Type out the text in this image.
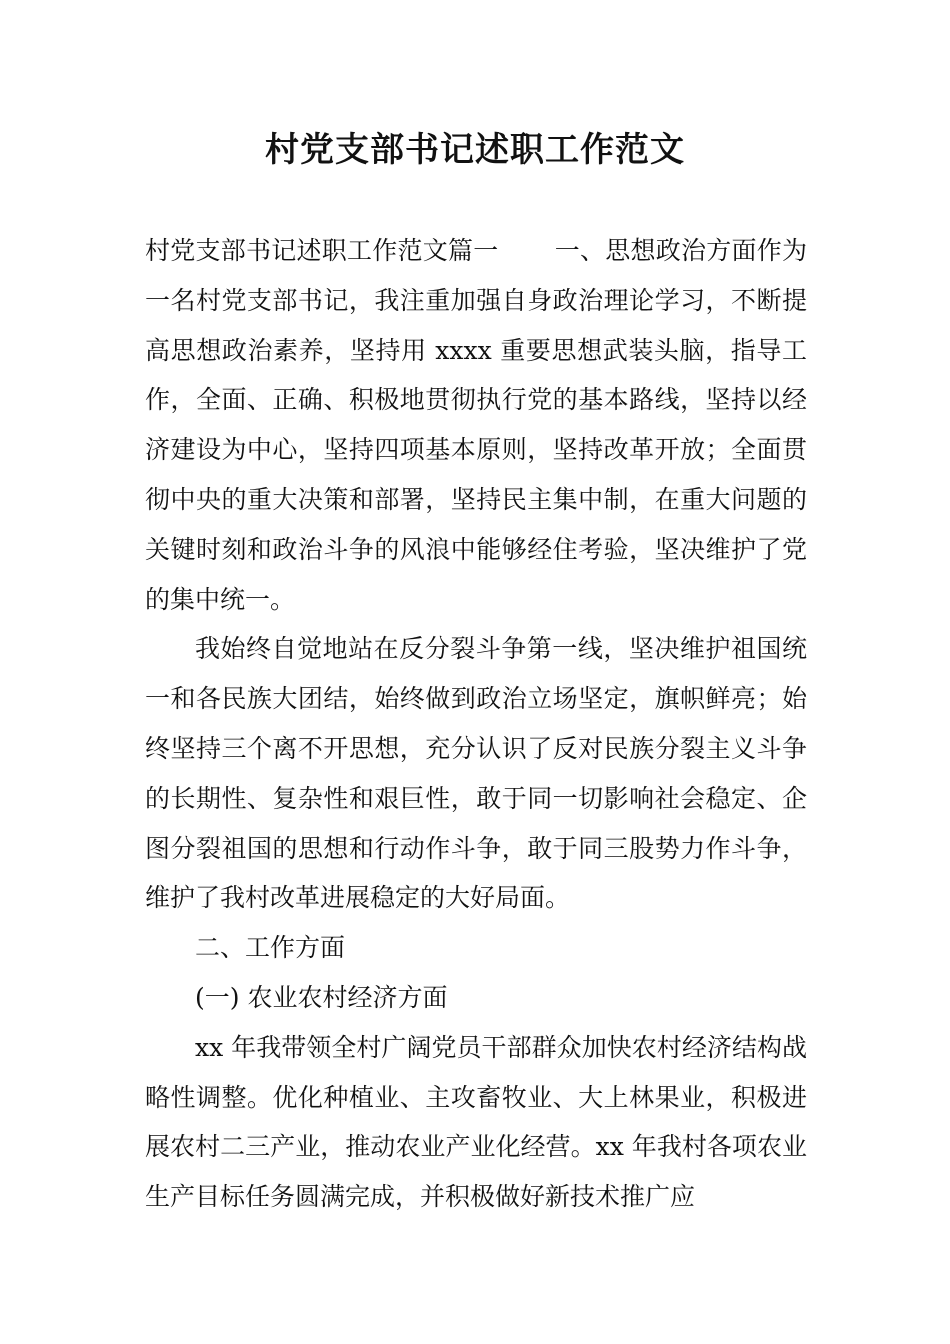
村党支部书记述职工作范文

村党支部书记述职工作范文篇一 一、思想政治方面作为一名村党支部书记，我注重加强自身政治理论学习，不断提高思想政治素养，坚持用 xxxx 重要思想武装头脑，指导工作，全面、正确、积极地贯彻执行党的基本路线，坚持以经济建设为中心，坚持四项基本原则，坚持改革开放；全面贯彻中央的重大决策和部署，坚持民主集中制，在重大问题的关键时刻和政治斗争的风浪中能够经住考验，坚决维护了党的集中统一。

我始终自觉地站在反分裂斗争第一线，坚决维护祖国统一和各民族大团结，始终做到政治立场坚定，旗帜鲜亮；始终坚持三个离不开思想，充分认识了反对民族分裂主义斗争的长期性、复杂性和艰巨性，敢于同一切影响社会稳定、企图分裂祖国的思想和行动作斗争，敢于同三股势力作斗争，维护了我村改革进展稳定的大好局面。

二、工作方面

(一) 农业农村经济方面

xx 年我带领全村广阔党员干部群众加快农村经济结构战略性调整。优化种植业、主攻畜牧业、大上林果业，积极进展农村二三产业，推动农业产业化经营。xx 年我村各项农业生产目标任务圆满完成，并积极做好新技术推广应
